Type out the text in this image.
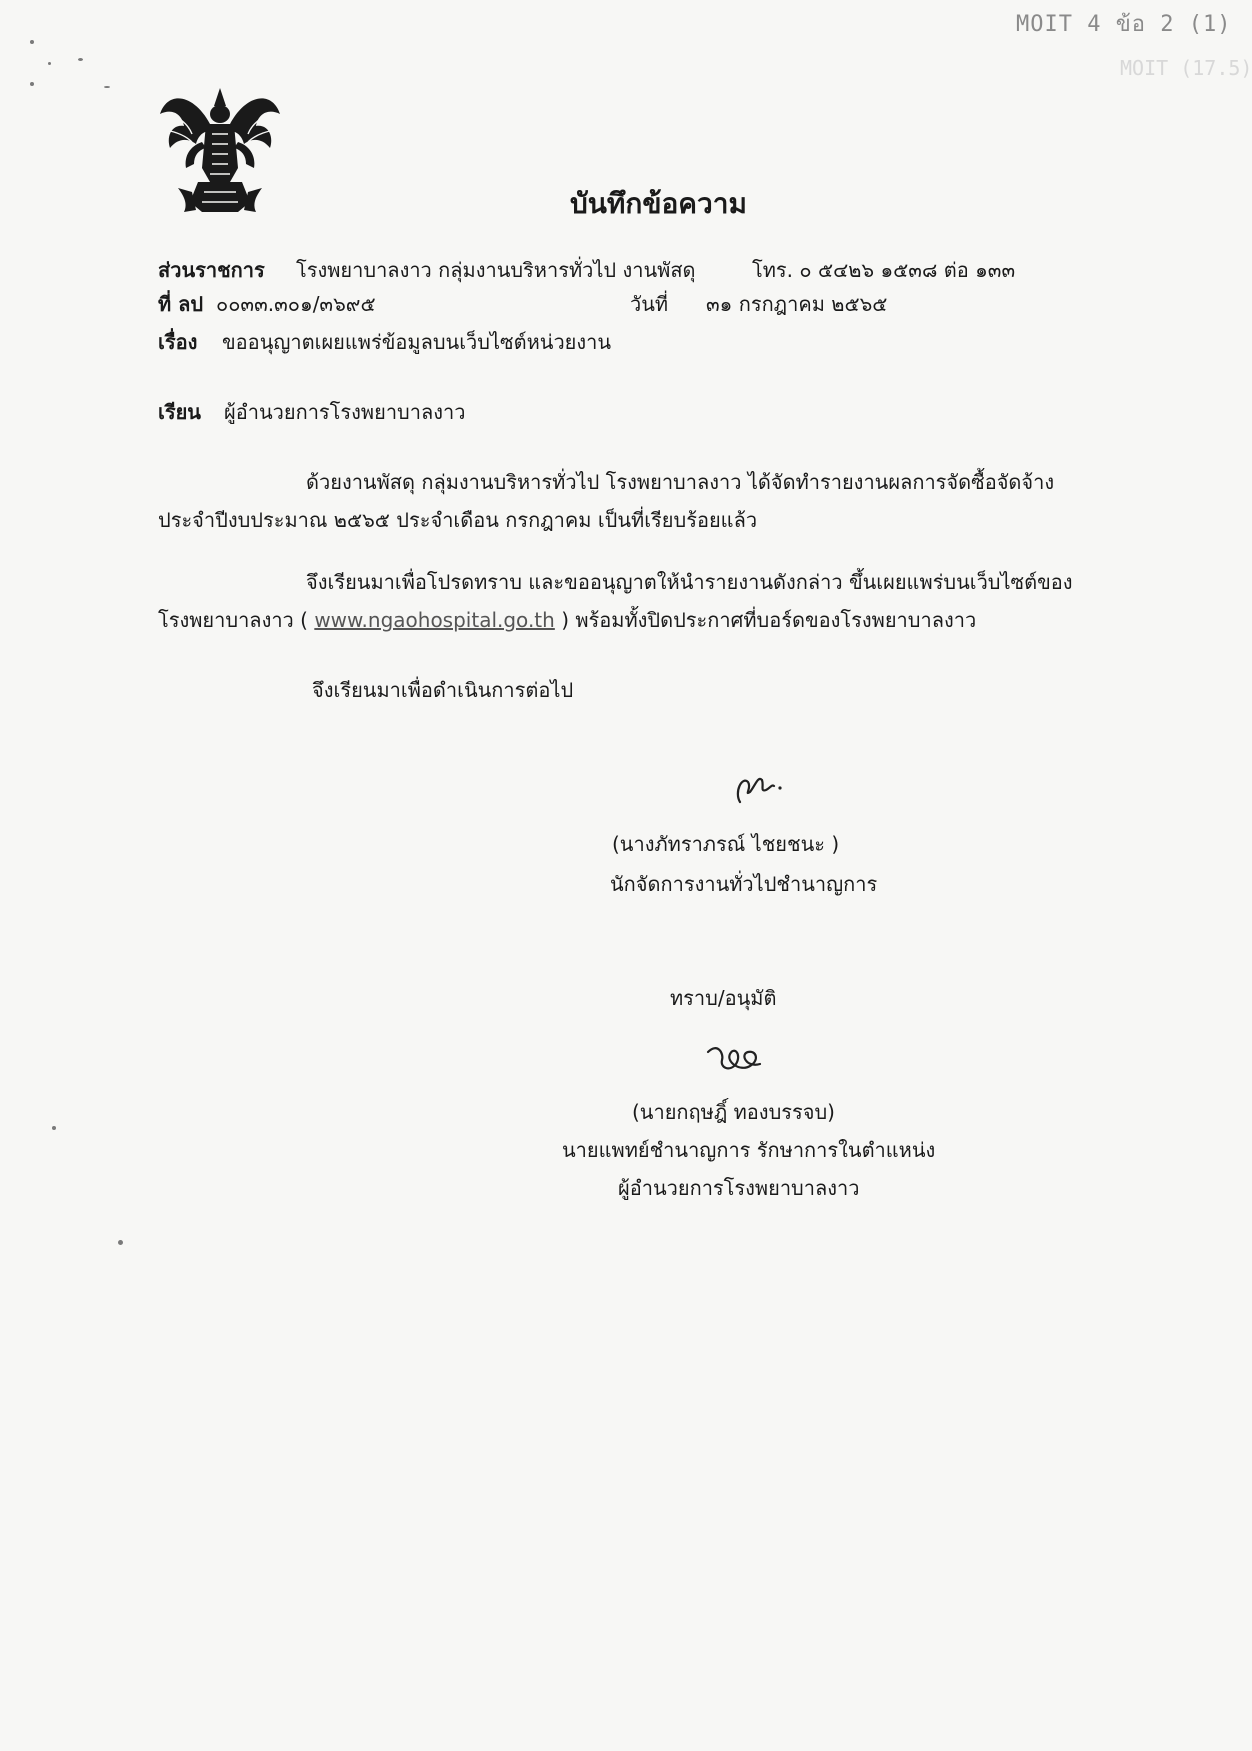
MOIT 4 ข้อ 2 (1)
MOIT (17.5)
บันทึกข้อความ
ส่วนราชการ โรงพยาบาลงาว กลุ่มงานบริหารทั่วไป งานพัสดุ	โทร. ๐ ๕๔๒๖ ๑๕๓๘ ต่อ ๑๓๓
ที่ ลป ๐๐๓๓.๓๐๑/๓๖๙๕	วันที่ ๓๑ กรกฎาคม ๒๕๖๕
เรื่อง ขออนุญาตเผยแพร่ข้อมูลบนเว็บไซต์หน่วยงาน
เรียน ผู้อำนวยการโรงพยาบาลงาว
ด้วยงานพัสดุ กลุ่มงานบริหารทั่วไป โรงพยาบาลงาว ได้จัดทำรายงานผลการจัดซื้อจัดจ้าง
ประจำปีงบประมาณ ๒๕๖๕ ประจำเดือน กรกฎาคม เป็นที่เรียบร้อยแล้ว
จึงเรียนมาเพื่อโปรดทราบ และขออนุญาตให้นำรายงานดังกล่าว ขึ้นเผยแพร่บนเว็บไซต์ของ
โรงพยาบาลงาว ( www.ngaohospital.go.th ) พร้อมทั้งปิดประกาศที่บอร์ดของโรงพยาบาลงาว
จึงเรียนมาเพื่อดำเนินการต่อไป
(นางภัทราภรณ์ ไชยชนะ )
นักจัดการงานทั่วไปชำนาญการ
ทราบ/อนุมัติ
(นายกฤษฎิ์ ทองบรรจบ)
นายแพทย์ชำนาญการ รักษาการในตำแหน่ง
ผู้อำนวยการโรงพยาบาลงาว
